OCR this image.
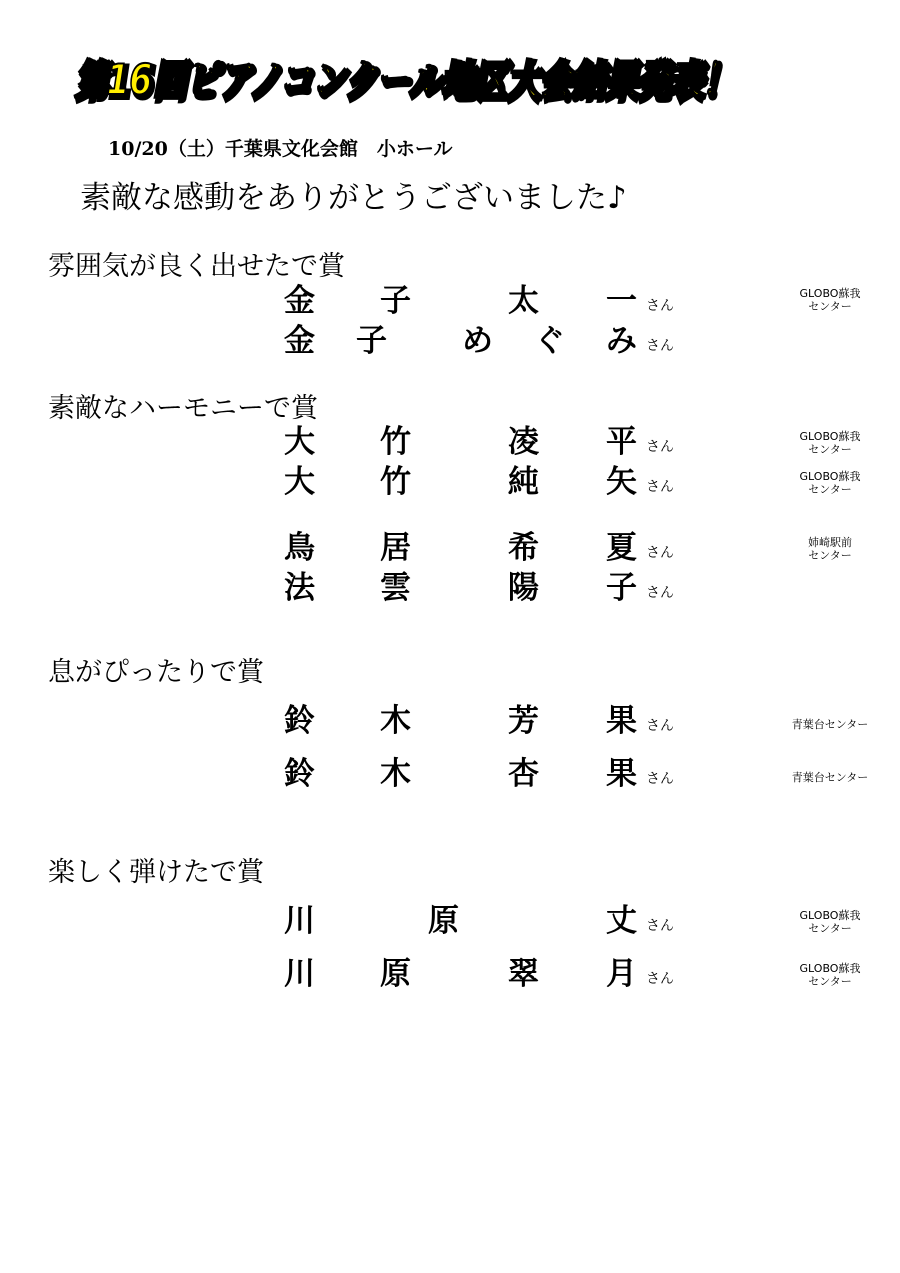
第16回ピアノコンクール地区大会結果発表！
第16回ピアノコンクール地区大会結果発表！
10/20（土）千葉県文化会館　小ホール
素敵な感動をありがとうございました♪
雰囲気が良く出せたで賞
金 子	太 一 さん
GLOBO蘇我
センター
金 子 め ぐ み さん
素敵なハーモニーで賞
大 竹	凌 平 さん
GLOBO蘇我
センター
大 竹	純 矢 さん
GLOBO蘇我
センター
鳥 居	希 夏 さん
姉崎駅前
センター
法 雲	陽 子 さん
息がぴったりで賞
鈴 木	芳 果 さん	青葉台センター
鈴 木	杏 果 さん	青葉台センター
楽しく弾けたで賞
川	原	丈 さん
GLOBO蘇我
センター
川 原	翠 月 さん
GLOBO蘇我
センター
